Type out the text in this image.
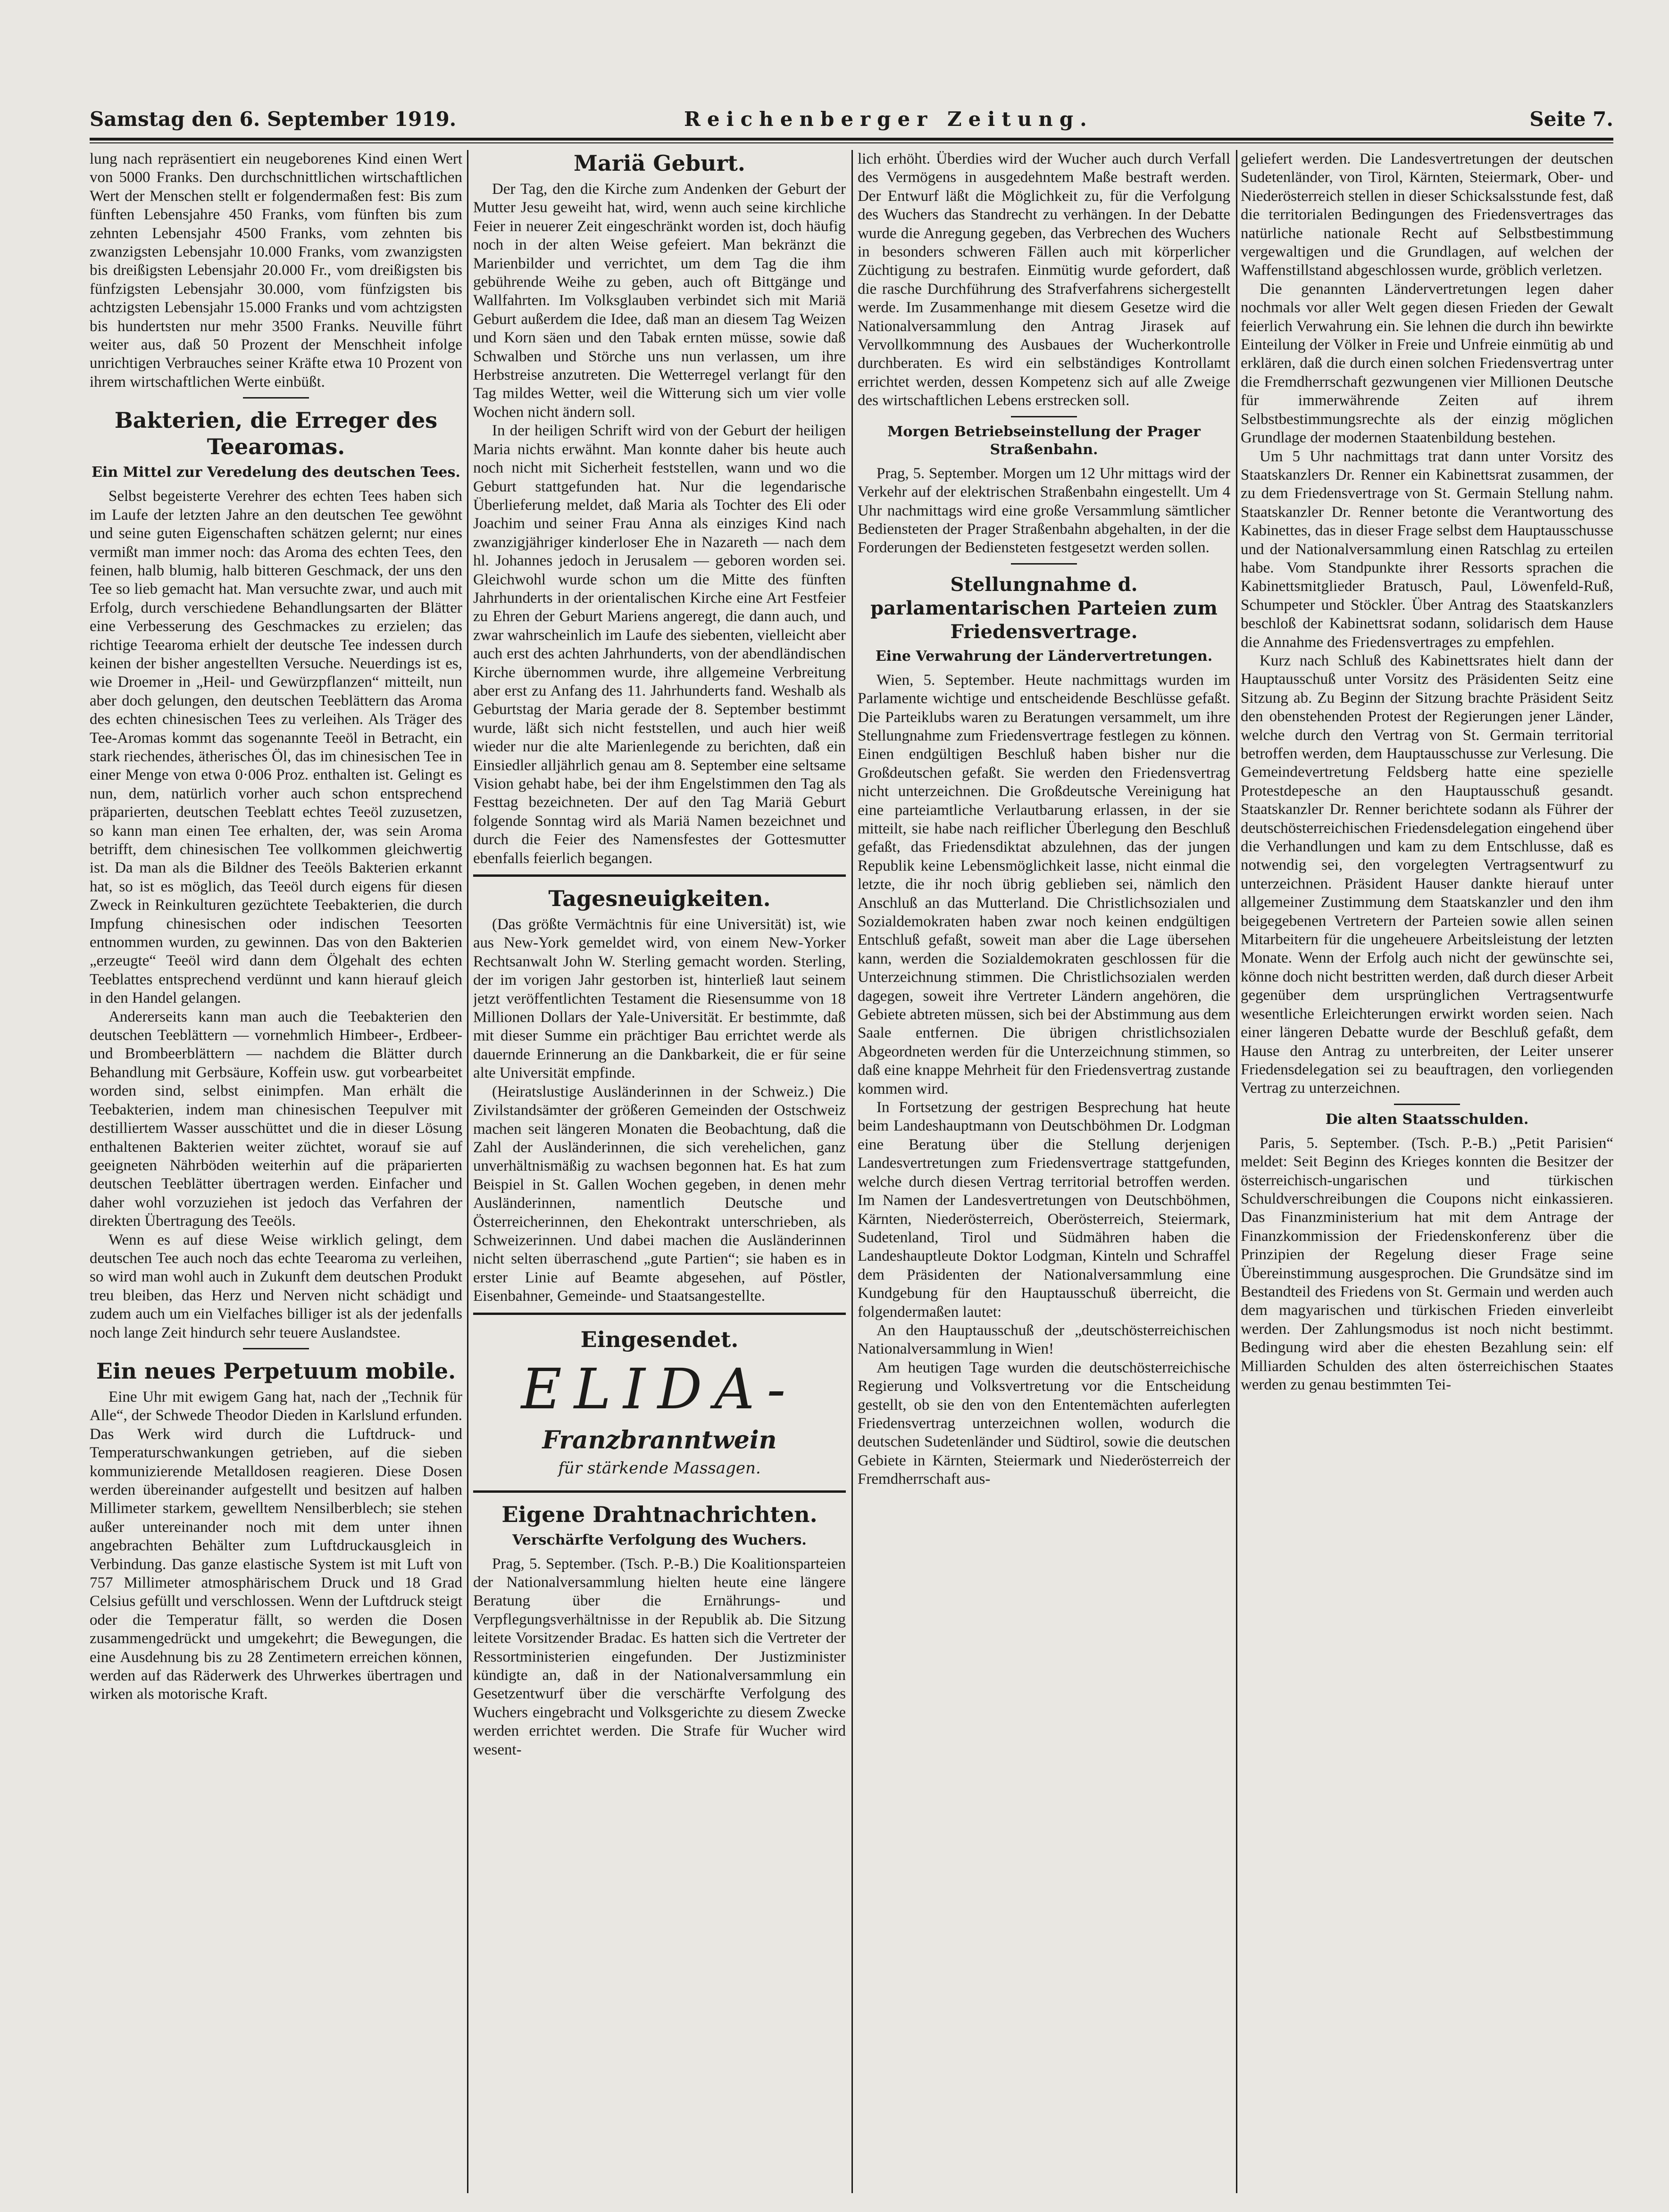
Samstag den 6. September 1919.	Reichenberger Zeitung.	Seite 7.

lung nach repräsentiert ein neugeborenes Kind einen Wert von 5000 Franks. Den durchschnittlichen wirtschaftlichen Wert der Menschen stellt er folgendermaßen fest: Bis zum fünften Lebensjahre 450 Franks, vom fünften bis zum zehnten Lebensjahr 4500 Franks, vom zehnten bis zwanzigsten Lebensjahr 10.000 Franks, vom zwanzigsten bis dreißigsten Lebensjahr 20.000 Fr., vom dreißigsten bis fünfzigsten Lebensjahr 30.000, vom fünfzigsten bis achtzigsten Lebensjahr 15.000 Franks und vom achtzigsten bis hundertsten nur mehr 3500 Franks. Neuville führt weiter aus, daß 50 Prozent der Menschheit infolge unrichtigen Verbrauches seiner Kräfte etwa 10 Prozent von ihrem wirtschaftlichen Werte einbüßt.

Bakterien, die Erreger des Teearomas.
Ein Mittel zur Veredelung des deutschen Tees.

Selbst begeisterte Verehrer des echten Tees haben sich im Laufe der letzten Jahre an den deutschen Tee gewöhnt und seine guten Eigenschaften schätzen gelernt; nur eines vermißt man immer noch: das Aroma des echten Tees, den feinen, halb blumig, halb bitteren Geschmack, der uns den Tee so lieb gemacht hat. Man versuchte zwar, und auch mit Erfolg, durch verschiedene Behandlungsarten der Blätter eine Verbesserung des Geschmackes zu erzielen; das richtige Teearoma erhielt der deutsche Tee indessen durch keinen der bisher angestellten Versuche. Neuerdings ist es, wie Droemer in „Heil- und Gewürzpflanzen“ mitteilt, nun aber doch gelungen, den deutschen Teeblättern das Aroma des echten chinesischen Tees zu verleihen. Als Träger des Tee-Aromas kommt das sogenannte Teeöl in Betracht, ein stark riechendes, ätherisches Öl, das im chinesischen Tee in einer Menge von etwa 0·006 Proz. enthalten ist. Gelingt es nun, dem, natürlich vorher auch schon entsprechend präparierten, deutschen Teeblatt echtes Teeöl zuzusetzen, so kann man einen Tee erhalten, der, was sein Aroma betrifft, dem chinesischen Tee vollkommen gleichwertig ist. Da man als die Bildner des Teeöls Bakterien erkannt hat, so ist es möglich, das Teeöl durch eigens für diesen Zweck in Reinkulturen gezüchtete Teebakterien, die durch Impfung chinesischen oder indischen Teesorten entnommen wurden, zu gewinnen. Das von den Bakterien „erzeugte“ Teeöl wird dann dem Ölgehalt des echten Teeblattes entsprechend verdünnt und kann hierauf gleich in den Handel gelangen.

Andererseits kann man auch die Teebakterien den deutschen Teeblättern — vornehmlich Himbeer-, Erdbeer- und Brombeerblättern — nachdem die Blätter durch Behandlung mit Gerbsäure, Koffein usw. gut vorbearbeitet worden sind, selbst einimpfen. Man erhält die Teebakterien, indem man chinesischen Teepulver mit destilliertem Wasser ausschüttet und die in dieser Lösung enthaltenen Bakterien weiter züchtet, worauf sie auf geeigneten Nährböden weiterhin auf die präparierten deutschen Teeblätter übertragen werden. Einfacher und daher wohl vorzuziehen ist jedoch das Verfahren der direkten Übertragung des Teeöls.

Wenn es auf diese Weise wirklich gelingt, dem deutschen Tee auch noch das echte Teearoma zu verleihen, so wird man wohl auch in Zukunft dem deutschen Produkt treu bleiben, das Herz und Nerven nicht schädigt und zudem auch um ein Vielfaches billiger ist als der jedenfalls noch lange Zeit hindurch sehr teuere Auslandstee.

Ein neues Perpetuum mobile.

Eine Uhr mit ewigem Gang hat, nach der „Technik für Alle“, der Schwede Theodor Dieden in Karlslund erfunden. Das Werk wird durch die Luftdruck- und Temperaturschwankungen getrieben, auf die sieben kommunizierende Metalldosen reagieren. Diese Dosen werden übereinander aufgestellt und besitzen auf halben Millimeter starkem, gewelltem Nensilberblech; sie stehen außer untereinander noch mit dem unter ihnen angebrachten Behälter zum Luftdruckausgleich in Verbindung. Das ganze elastische System ist mit Luft von 757 Millimeter atmosphärischem Druck und 18 Grad Celsius gefüllt und verschlossen. Wenn der Luftdruck steigt oder die Temperatur fällt, so werden die Dosen zusammengedrückt und umgekehrt; die Bewegungen, die eine Ausdehnung bis zu 28 Zentimetern erreichen können, werden auf das Räderwerk des Uhrwerkes übertragen und wirken als motorische Kraft.

Mariä Geburt.

Der Tag, den die Kirche zum Andenken der Geburt der Mutter Jesu geweiht hat, wird, wenn auch seine kirchliche Feier in neuerer Zeit eingeschränkt worden ist, doch häufig noch in der alten Weise gefeiert. Man bekränzt die Marienbilder und verrichtet, um dem Tag die ihm gebührende Weihe zu geben, auch oft Bittgänge und Wallfahrten. Im Volksglauben verbindet sich mit Mariä Geburt außerdem die Idee, daß man an diesem Tag Weizen und Korn säen und den Tabak ernten müsse, sowie daß Schwalben und Störche uns nun verlassen, um ihre Herbstreise anzutreten. Die Wetterregel verlangt für den Tag mildes Wetter, weil die Witterung sich um vier volle Wochen nicht ändern soll.

In der heiligen Schrift wird von der Geburt der heiligen Maria nichts erwähnt. Man konnte daher bis heute auch noch nicht mit Sicherheit feststellen, wann und wo die Geburt stattgefunden hat. Nur die legendarische Überlieferung meldet, daß Maria als Tochter des Eli oder Joachim und seiner Frau Anna als einziges Kind nach zwanzigjähriger kinderloser Ehe in Nazareth — nach dem hl. Johannes jedoch in Jerusalem — geboren worden sei. Gleichwohl wurde schon um die Mitte des fünften Jahrhunderts in der orientalischen Kirche eine Art Festfeier zu Ehren der Geburt Mariens angeregt, die dann auch, und zwar wahrscheinlich im Laufe des siebenten, vielleicht aber auch erst des achten Jahrhunderts, von der abendländischen Kirche übernommen wurde, ihre allgemeine Verbreitung aber erst zu Anfang des 11. Jahrhunderts fand. Weshalb als Geburtstag der Maria gerade der 8. September bestimmt wurde, läßt sich nicht feststellen, und auch hier weiß wieder nur die alte Marienlegende zu berichten, daß ein Einsiedler alljährlich genau am 8. September eine seltsame Vision gehabt habe, bei der ihm Engelstimmen den Tag als Festtag bezeichneten. Der auf den Tag Mariä Geburt folgende Sonntag wird als Mariä Namen bezeichnet und durch die Feier des Namensfestes der Gottesmutter ebenfalls feierlich begangen.

Tagesneuigkeiten.

(Das größte Vermächtnis für eine Universität) ist, wie aus New-York gemeldet wird, von einem New-Yorker Rechtsanwalt John W. Sterling gemacht worden. Sterling, der im vorigen Jahr gestorben ist, hinterließ laut seinem jetzt veröffentlichten Testament die Riesensumme von 18 Millionen Dollars der Yale-Universität. Er bestimmte, daß mit dieser Summe ein prächtiger Bau errichtet werde als dauernde Erinnerung an die Dankbarkeit, die er für seine alte Universität empfinde.

(Heiratslustige Ausländerinnen in der Schweiz.) Die Zivilstandsämter der größeren Gemeinden der Ostschweiz machen seit längeren Monaten die Beobachtung, daß die Zahl der Ausländerinnen, die sich verehelichen, ganz unverhältnismäßig zu wachsen begonnen hat. Es hat zum Beispiel in St. Gallen Wochen gegeben, in denen mehr Ausländerinnen, namentlich Deutsche und Österreicherinnen, den Ehekontrakt unterschrieben, als Schweizerinnen. Und dabei machen die Ausländerinnen nicht selten überraschend „gute Partien“; sie haben es in erster Linie auf Beamte abgesehen, auf Pöstler, Eisenbahner, Gemeinde- und Staatsangestellte.

Eingesendet.
ELIDA-
Franzbranntwein
für stärkende Massagen.
Eigene Drahtnachrichten.
Verschärfte Verfolgung des Wuchers.

Prag, 5. September. (Tsch. P.-B.) Die Koalitionsparteien der Nationalversammlung hielten heute eine längere Beratung über die Ernährungs- und Verpflegungsverhältnisse in der Republik ab. Die Sitzung leitete Vorsitzender Bradac. Es hatten sich die Vertreter der Ressortministerien eingefunden. Der Justizminister kündigte an, daß in der Nationalversammlung ein Gesetzentwurf über die verschärfte Verfolgung des Wuchers eingebracht und Volksgerichte zu diesem Zwecke werden errichtet werden. Die Strafe für Wucher wird wesent-

lich erhöht. Überdies wird der Wucher auch durch Verfall des Vermögens in ausgedehntem Maße bestraft werden. Der Entwurf läßt die Möglichkeit zu, für die Verfolgung des Wuchers das Standrecht zu verhängen. In der Debatte wurde die Anregung gegeben, das Verbrechen des Wuchers in besonders schweren Fällen auch mit körperlicher Züchtigung zu bestrafen. Einmütig wurde gefordert, daß die rasche Durchführung des Strafverfahrens sichergestellt werde. Im Zusammenhange mit diesem Gesetze wird die Nationalversammlung den Antrag Jirasek auf Vervollkommnung des Ausbaues der Wucherkontrolle durchberaten. Es wird ein selbständiges Kontrollamt errichtet werden, dessen Kompetenz sich auf alle Zweige des wirtschaftlichen Lebens erstrecken soll.

Morgen Betriebseinstellung der Prager Straßenbahn.

Prag, 5. September. Morgen um 12 Uhr mittags wird der Verkehr auf der elektrischen Straßenbahn eingestellt. Um 4 Uhr nachmittags wird eine große Versammlung sämtlicher Bediensteten der Prager Straßenbahn abgehalten, in der die Forderungen der Bediensteten festgesetzt werden sollen.

Stellungnahme d. parlamentarischen Parteien zum Friedensvertrage.
Eine Verwahrung der Ländervertretungen.

Wien, 5. September. Heute nachmittags wurden im Parlamente wichtige und entscheidende Beschlüsse gefaßt. Die Parteiklubs waren zu Beratungen versammelt, um ihre Stellungnahme zum Friedensvertrage festlegen zu können. Einen endgültigen Beschluß haben bisher nur die Großdeutschen gefaßt. Sie werden den Friedensvertrag nicht unterzeichnen. Die Großdeutsche Vereinigung hat eine parteiamtliche Verlautbarung erlassen, in der sie mitteilt, sie habe nach reiflicher Überlegung den Beschluß gefaßt, das Friedensdiktat abzulehnen, das der jungen Republik keine Lebensmöglichkeit lasse, nicht einmal die letzte, die ihr noch übrig geblieben sei, nämlich den Anschluß an das Mutterland. Die Christlichsozialen und Sozialdemokraten haben zwar noch keinen endgültigen Entschluß gefaßt, soweit man aber die Lage übersehen kann, werden die Sozialdemokraten geschlossen für die Unterzeichnung stimmen. Die Christlichsozialen werden dagegen, soweit ihre Vertreter Ländern angehören, die Gebiete abtreten müssen, sich bei der Abstimmung aus dem Saale entfernen. Die übrigen christlichsozialen Abgeordneten werden für die Unterzeichnung stimmen, so daß eine knappe Mehrheit für den Friedensvertrag zustande kommen wird.

In Fortsetzung der gestrigen Besprechung hat heute beim Landeshauptmann von Deutschböhmen Dr. Lodgman eine Beratung über die Stellung derjenigen Landesvertretungen zum Friedensvertrage stattgefunden, welche durch diesen Vertrag territorial betroffen werden. Im Namen der Landesvertretungen von Deutschböhmen, Kärnten, Niederösterreich, Oberösterreich, Steiermark, Sudetenland, Tirol und Südmähren haben die Landeshauptleute Doktor Lodgman, Kinteln und Schraffel dem Präsidenten der Nationalversammlung eine Kundgebung für den Hauptausschuß überreicht, die folgendermaßen lautet:

An den Hauptausschuß der „deutschösterreichischen Nationalversammlung in Wien!

Am heutigen Tage wurden die deutschösterreichische Regierung und Volksvertretung vor die Entscheidung gestellt, ob sie den von den Ententemächten auferlegten Friedensvertrag unterzeichnen wollen, wodurch die deutschen Sudetenländer und Südtirol, sowie die deutschen Gebiete in Kärnten, Steiermark und Niederösterreich der Fremdherrschaft aus-

geliefert werden. Die Landesvertretungen der deutschen Sudetenländer, von Tirol, Kärnten, Steiermark, Ober- und Niederösterreich stellen in dieser Schicksalsstunde fest, daß die territorialen Bedingungen des Friedensvertrages das natürliche nationale Recht auf Selbstbestimmung vergewaltigen und die Grundlagen, auf welchen der Waffenstillstand abgeschlossen wurde, gröblich verletzen.

Die genannten Ländervertretungen legen daher nochmals vor aller Welt gegen diesen Frieden der Gewalt feierlich Verwahrung ein. Sie lehnen die durch ihn bewirkte Einteilung der Völker in Freie und Unfreie einmütig ab und erklären, daß die durch einen solchen Friedensvertrag unter die Fremdherrschaft gezwungenen vier Millionen Deutsche für immerwährende Zeiten auf ihrem Selbstbestimmungsrechte als der einzig möglichen Grundlage der modernen Staatenbildung bestehen.

Um 5 Uhr nachmittags trat dann unter Vorsitz des Staatskanzlers Dr. Renner ein Kabinettsrat zusammen, der zu dem Friedensvertrage von St. Germain Stellung nahm. Staatskanzler Dr. Renner betonte die Verantwortung des Kabinettes, das in dieser Frage selbst dem Hauptausschusse und der Nationalversammlung einen Ratschlag zu erteilen habe. Vom Standpunkte ihrer Ressorts sprachen die Kabinettsmitglieder Bratusch, Paul, Löwenfeld-Ruß, Schumpeter und Stöckler. Über Antrag des Staatskanzlers beschloß der Kabinettsrat sodann, solidarisch dem Hause die Annahme des Friedensvertrages zu empfehlen.

Kurz nach Schluß des Kabinettsrates hielt dann der Hauptausschuß unter Vorsitz des Präsidenten Seitz eine Sitzung ab. Zu Beginn der Sitzung brachte Präsident Seitz den obenstehenden Protest der Regierungen jener Länder, welche durch den Vertrag von St. Germain territorial betroffen werden, dem Hauptausschusse zur Verlesung. Die Gemeindevertretung Feldsberg hatte eine spezielle Protestdepesche an den Hauptausschuß gesandt. Staatskanzler Dr. Renner berichtete sodann als Führer der deutschösterreichischen Friedensdelegation eingehend über die Verhandlungen und kam zu dem Entschlusse, daß es notwendig sei, den vorgelegten Vertragsentwurf zu unterzeichnen. Präsident Hauser dankte hierauf unter allgemeiner Zustimmung dem Staatskanzler und den ihm beigegebenen Vertretern der Parteien sowie allen seinen Mitarbeitern für die ungeheuere Arbeitsleistung der letzten Monate. Wenn der Erfolg auch nicht der gewünschte sei, könne doch nicht bestritten werden, daß durch dieser Arbeit gegenüber dem ursprünglichen Vertragsentwurfe wesentliche Erleichterungen erwirkt worden seien. Nach einer längeren Debatte wurde der Beschluß gefaßt, dem Hause den Antrag zu unterbreiten, der Leiter unserer Friedensdelegation sei zu beauftragen, den vorliegenden Vertrag zu unterzeichnen.

Die alten Staatsschulden.

Paris, 5. September. (Tsch. P.-B.) „Petit Parisien“ meldet: Seit Beginn des Krieges konnten die Besitzer der österreichisch-ungarischen und türkischen Schuldverschreibungen die Coupons nicht einkassieren. Das Finanzministerium hat mit dem Antrage der Finanzkommission der Friedenskonferenz über die Prinzipien der Regelung dieser Frage seine Übereinstimmung ausgesprochen. Die Grundsätze sind im Bestandteil des Friedens von St. Germain und werden auch dem magyarischen und türkischen Frieden einverleibt werden. Der Zahlungsmodus ist noch nicht bestimmt. Bedingung wird aber die ehesten Bezahlung sein: elf Milliarden Schulden des alten österreichischen Staates werden zu genau bestimmten Tei-
